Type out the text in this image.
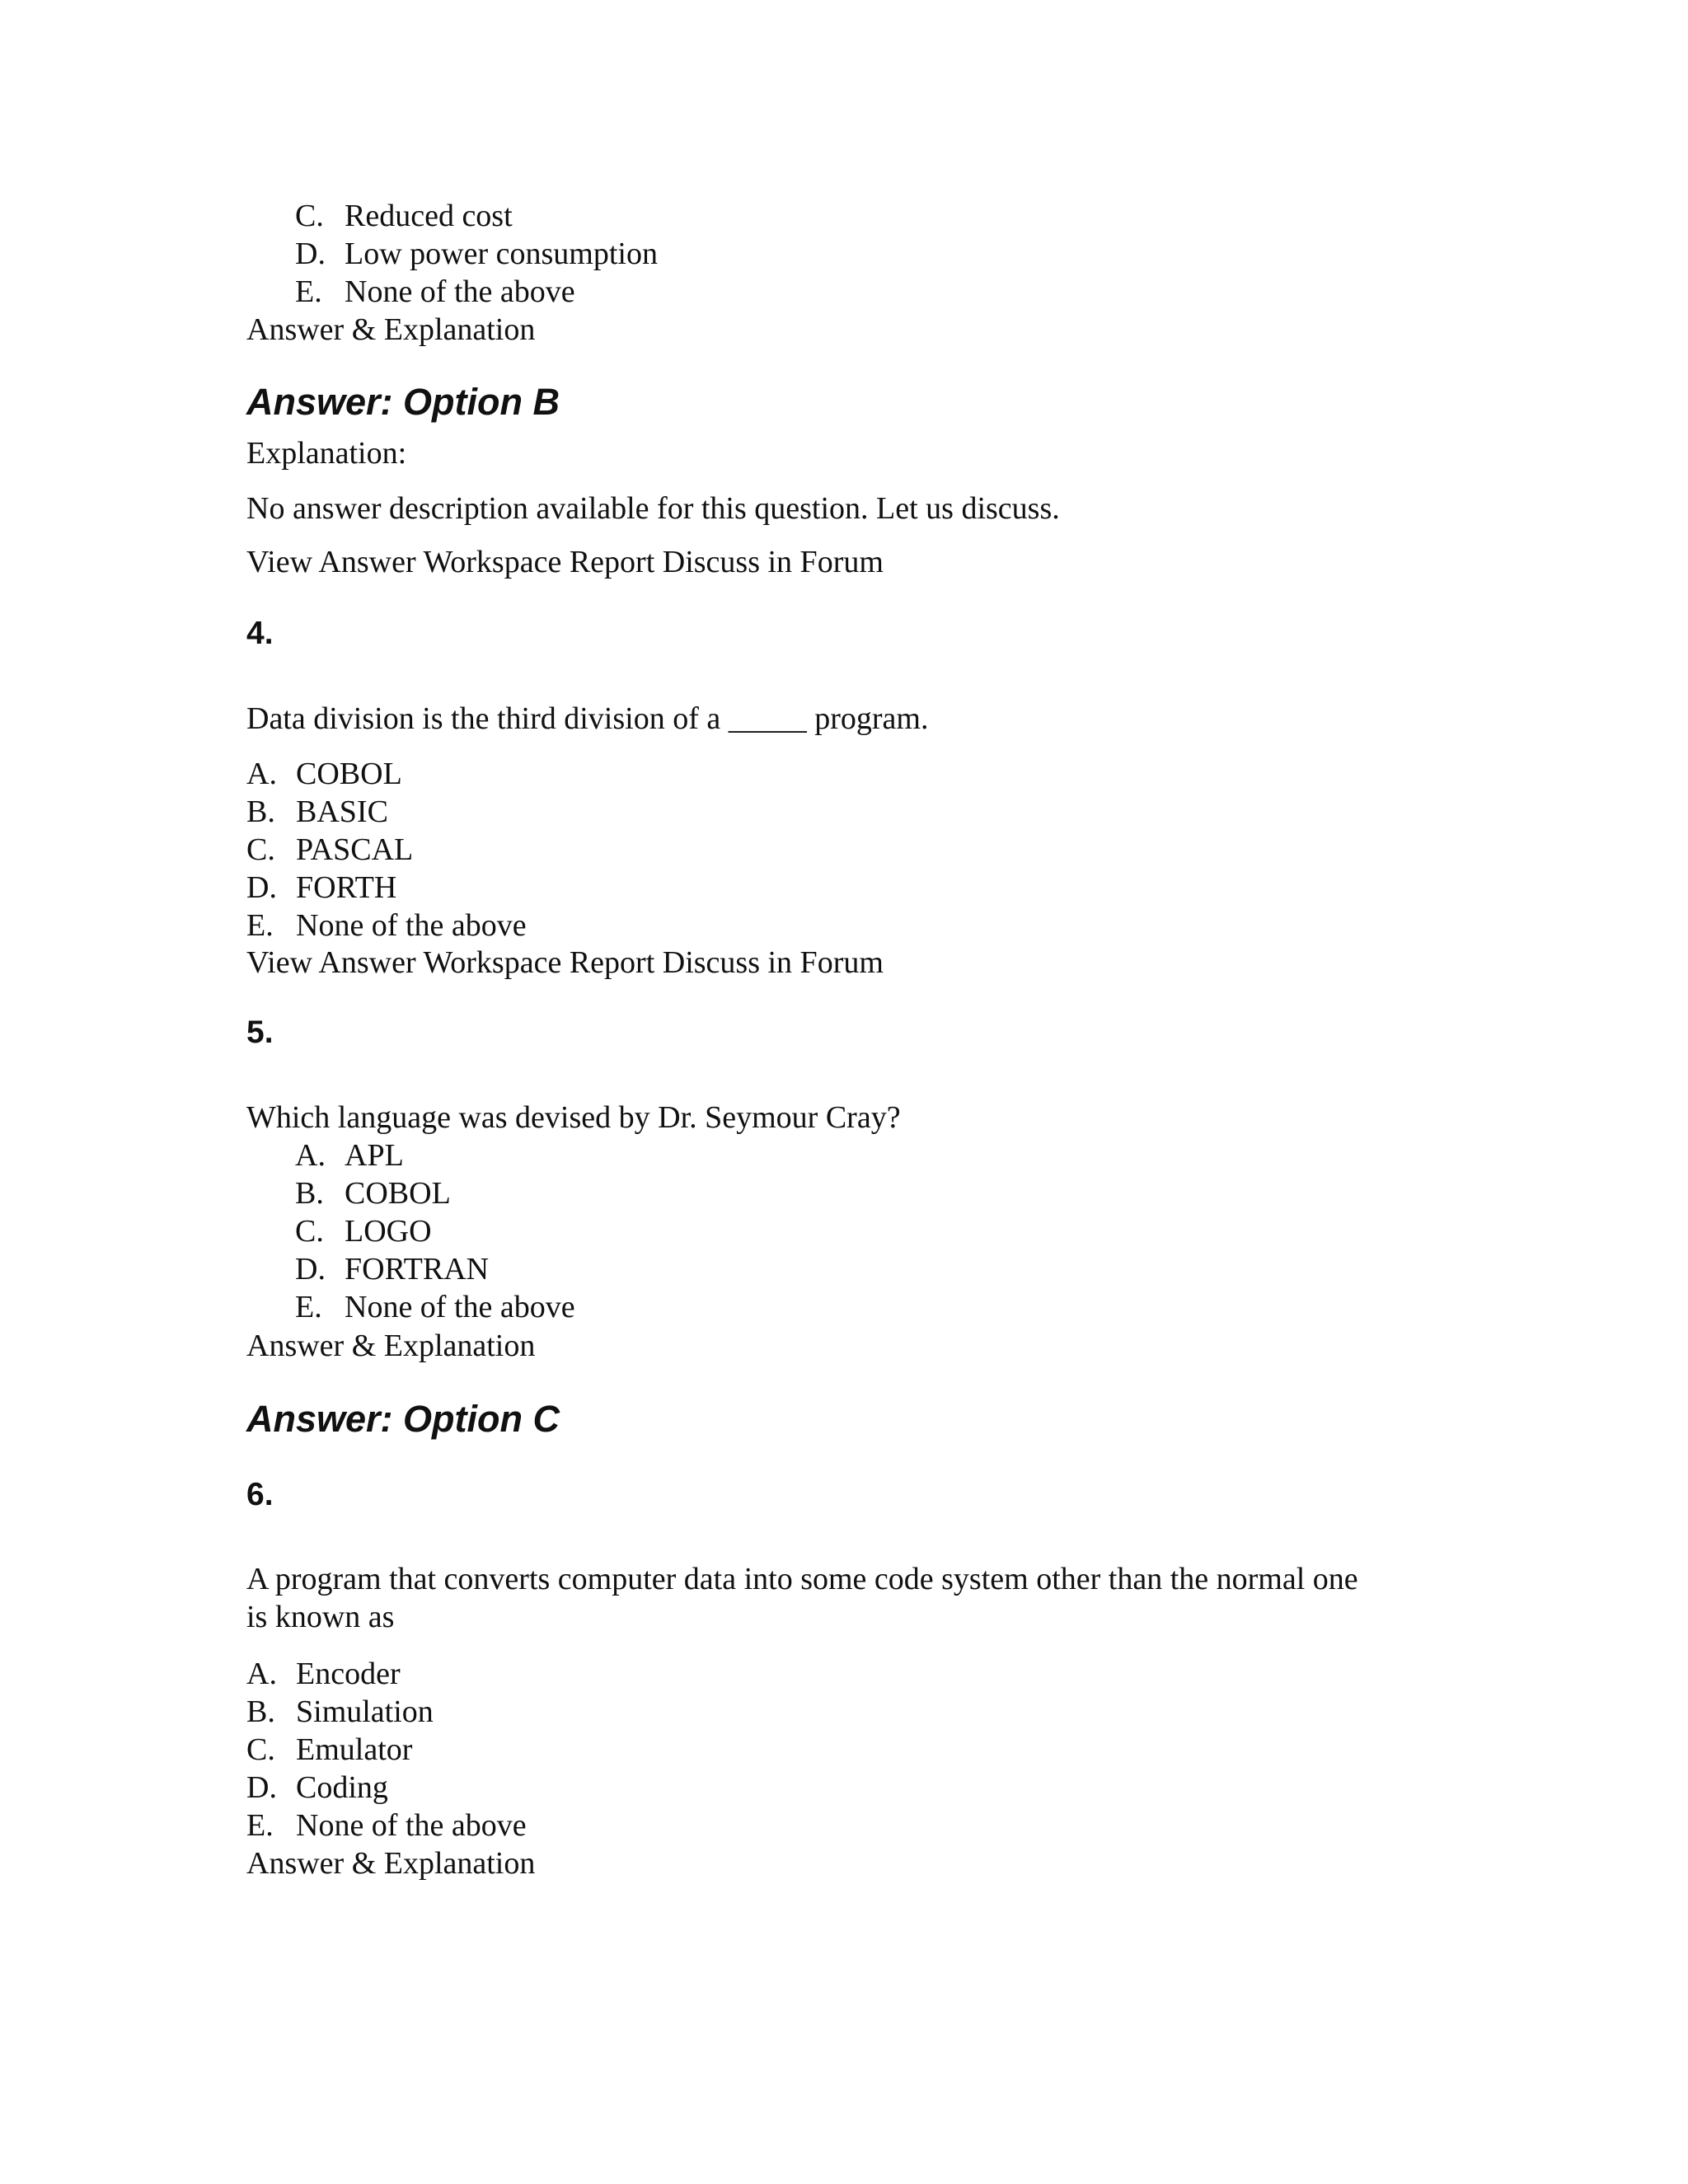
C. Reduced cost
D. Low power consumption
E. None of the above
Answer & Explanation
Answer: Option B
Explanation:
No answer description available for this question. Let us discuss.
View Answer Workspace Report Discuss in Forum
4.
Data division is the third division of a _____ program.
A. COBOL
B. BASIC
C. PASCAL
D. FORTH
E. None of the above
View Answer Workspace Report Discuss in Forum
5.
Which language was devised by Dr. Seymour Cray?
A. APL
B. COBOL
C. LOGO
D. FORTRAN
E. None of the above
Answer & Explanation
Answer: Option C
6.
A program that converts computer data into some code system other than the normal one
is known as
A. Encoder
B. Simulation
C. Emulator
D. Coding
E. None of the above
Answer & Explanation
